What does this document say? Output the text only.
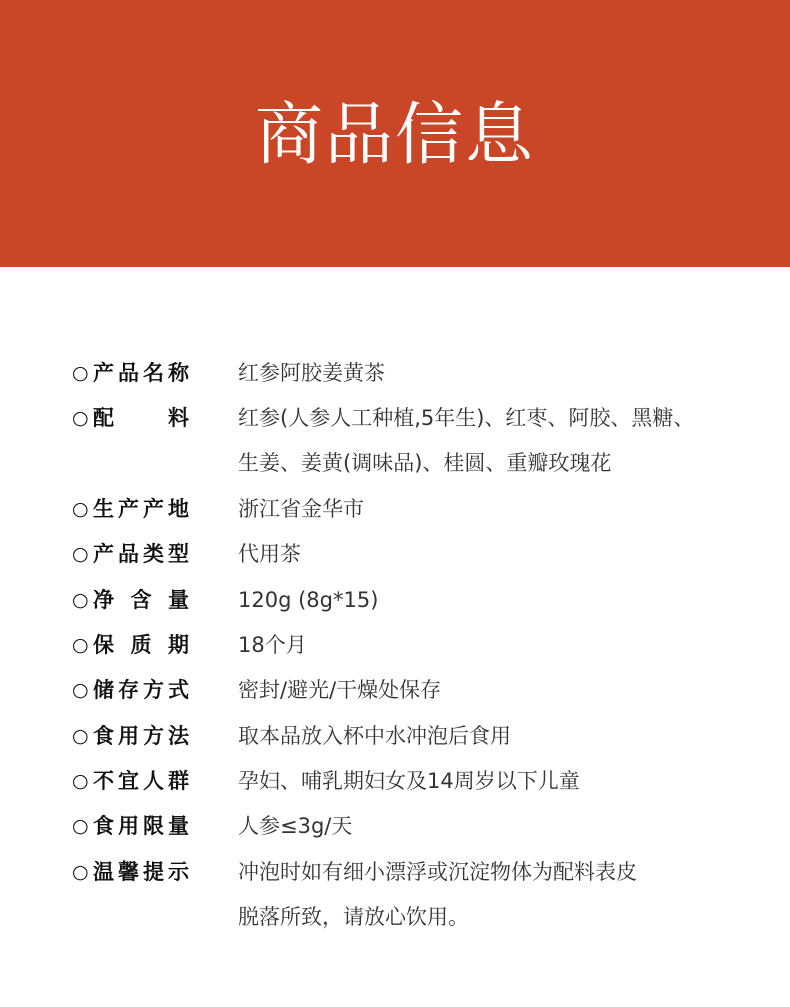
商品信息
○ 产 品 名 称 红参阿胶姜黄茶
○ 配	料 红参(人参人工种植,5年生)、红枣、阿胶、黑糖、
生姜、姜黄(调味品)、桂圆、重瓣玫瑰花
○ 生 产 产 地 浙江省金华市
○ 产 品 类 型 代用茶
○ 净 含 量 120g (8g*15)
○ 保 质 期 18个月
○ 储 存 方 式 密封/避光/干燥处保存
○ 食 用 方 法 取本品放入杯中水冲泡后食用
○ 不 宜 人 群 孕妇、哺乳期妇女及14周岁以下儿童
○ 食 用 限 量 人参≤3g/天
○ 温 馨 提 示 冲泡时如有细小漂浮或沉淀物体为配料表皮
脱落所致，请放心饮用。
